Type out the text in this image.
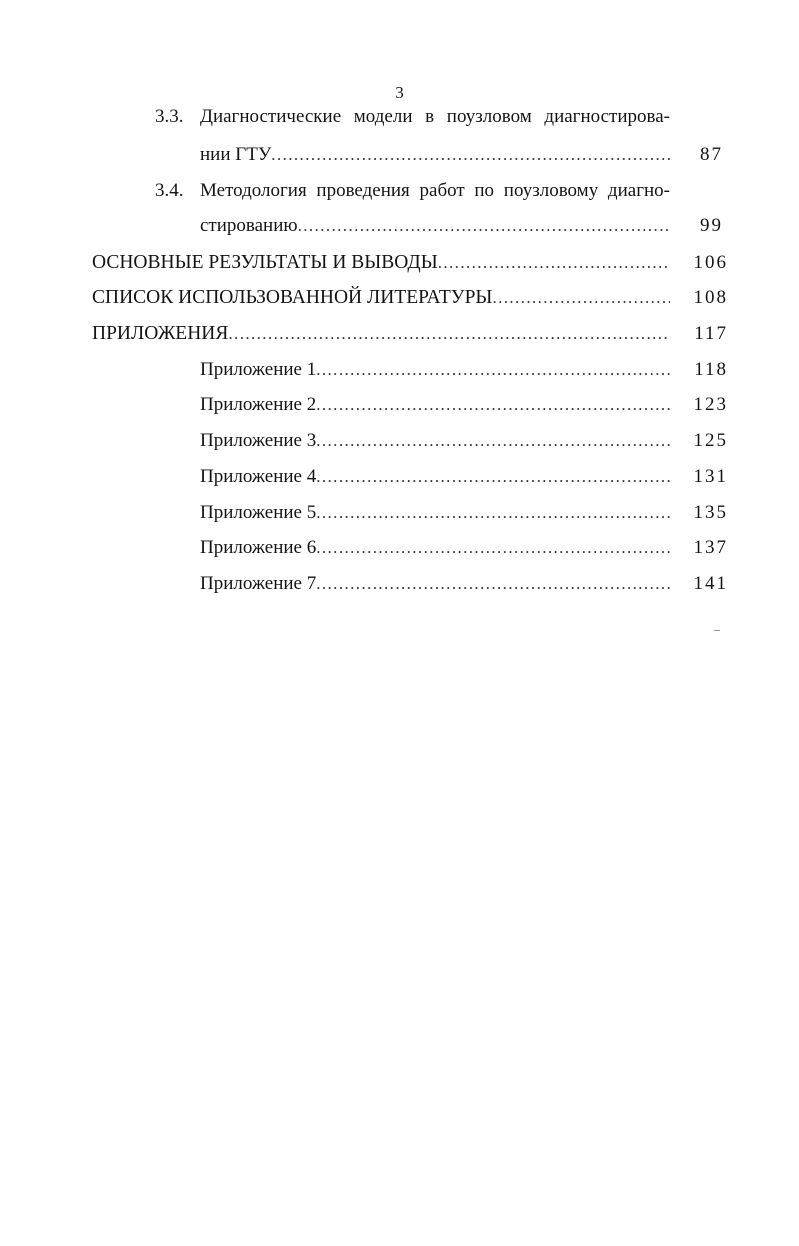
3
3.3. Диагностические модели в поузловом диагностирова-
нии ГТУ .....	87
3.4. Методология проведения работ по поузловому диагно-
стированию .....	99
ОСНОВНЫЕ РЕЗУЛЬТАТЫ И ВЫВОДЫ .....	106
СПИСОК ИСПОЛЬЗОВАННОЙ ЛИТЕРАТУРЫ .....	108
ПРИЛОЖЕНИЯ .....	117
Приложение 1 .....	118
Приложение 2 .....	123
Приложение 3 .....	125
Приложение 4 .....	131
Приложение 5 .....	135
Приложение 6 .....	137
Приложение 7 .....	141
